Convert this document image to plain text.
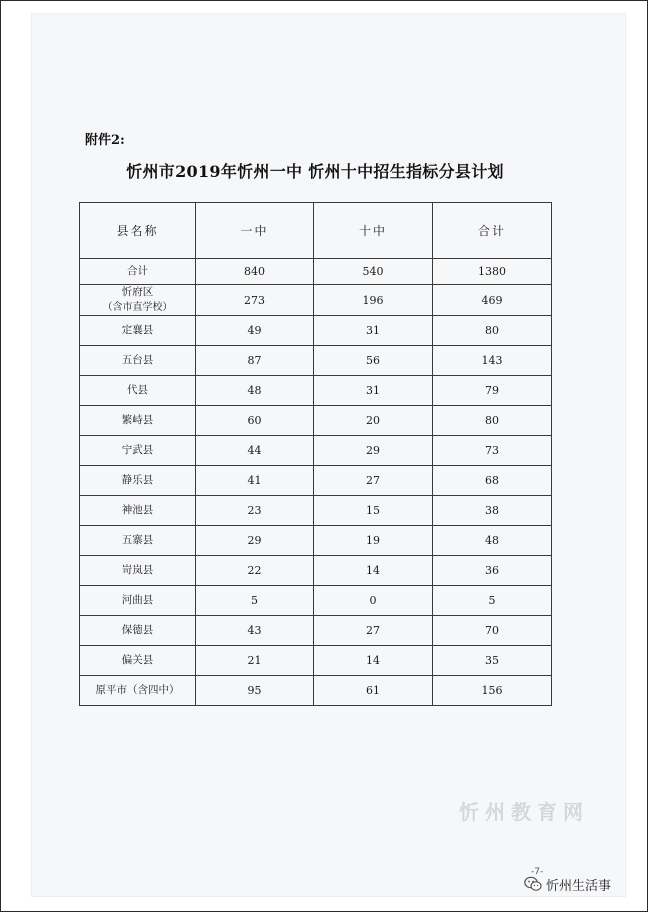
附件2:
忻州市2019年忻州一中 忻州十中招生指标分县计划
县名称	一中	十中	合计
合计	840	540	1380
忻府区
（含市直学校）	273	196	469
定襄县	49	31	80
五台县	87	56	143
代县	48	31	79
繁峙县	60	20	80
宁武县	44	29	73
静乐县	41	27	68
神池县	23	15	38
五寨县	29	19	48
岢岚县	22	14	36
河曲县	5	0	5
保德县	43	27	70
偏关县	21	14	35
原平市（含四中）	95	61	156
忻州教育网
-7-
忻州生活事
